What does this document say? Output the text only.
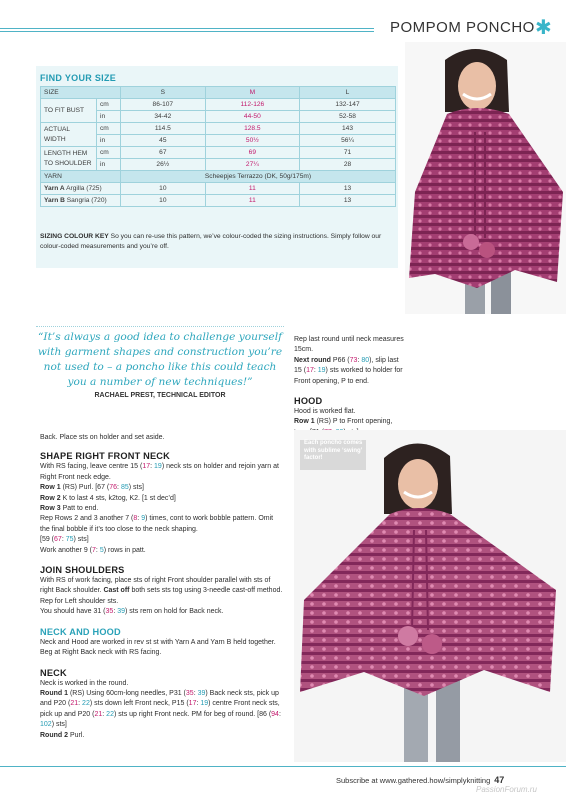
POMPOM PONCHO ✱
FIND YOUR SIZE
SIZE		S	M	L
TO FIT BUST	cm	86-107	112-126	132-147
	in	34-42	44-50	52-58
ACTUAL WIDTH	cm	114.5	128.5	143
	in	45	50½	56¼
LENGTH HEM TO SHOULDER	cm	67	69	71
	in	26½	27¼	28
YARN		Scheepjes Terrazzo (DK, 50g/175m)		
Yarn A Argilla (725)		10	11	13
Yarn B Sangria (720)		10	11	13
SIZING COLOUR KEY So you can re-use this pattern, we’ve colour-coded the sizing instructions. Simply follow our colour-coded measurements and you’re off.
“It’s always a good idea to challenge yourself with garment shapes and construction you’re not used to – a poncho like this could teach you a number of new techniques!”
RACHAEL PREST, TECHNICAL EDITOR

Back. Place sts on holder and set aside.

SHAPE RIGHT FRONT NECK

With RS facing, leave centre 15 (17: 19) neck sts on holder and rejoin yarn at Right Front neck edge.

Row 1 (RS) Purl. [67 (76: 85) sts]

Row 2 K to last 4 sts, k2tog, K2. [1 st dec’d]

Row 3 Patt to end.

Rep Rows 2 and 3 another 7 (8: 9) times, cont to work bobble pattern. Omit the final bobble if it’s too close to the neck shaping.

[59 (67: 75) sts]

Work another 9 (7: 5) rows in patt.

JOIN SHOULDERS

With RS of work facing, place sts of right Front shoulder parallel with sts of right Back shoulder. Cast off both sets sts tog using 3-needle cast-off method.

Rep for Left shoulder sts.

You should have 31 (35: 39) sts rem on hold for Back neck.

NECK AND HOOD

Neck and Hood are worked in rev st st with Yarn A and Yarn B held together. Beg at Right Back neck with RS facing.

NECK

Neck is worked in the round.

Round 1 (RS) Using 60cm-long needles, P31 (35: 39) Back neck sts, pick up and P20 (21: 22) sts down left Front neck, P15 (17: 19) centre Front neck sts, pick up and P20 (21: 22) sts up right Front neck. PM for beg of round. [86 (94: 102) sts]

Round 2 Purl.

Rep last round until neck measures 15cm.

Next round P66 (73: 80), slip last 15 (17: 19) sts worked to holder for Front opening, P to end.

HOOD

Hood is worked flat.

Row 1 (RS) P to Front opening,

Each poncho comes with sublime ‘swing’ factor!
Subscribe at www.gathered.how/simplyknitting 47
PassionForum.ru
